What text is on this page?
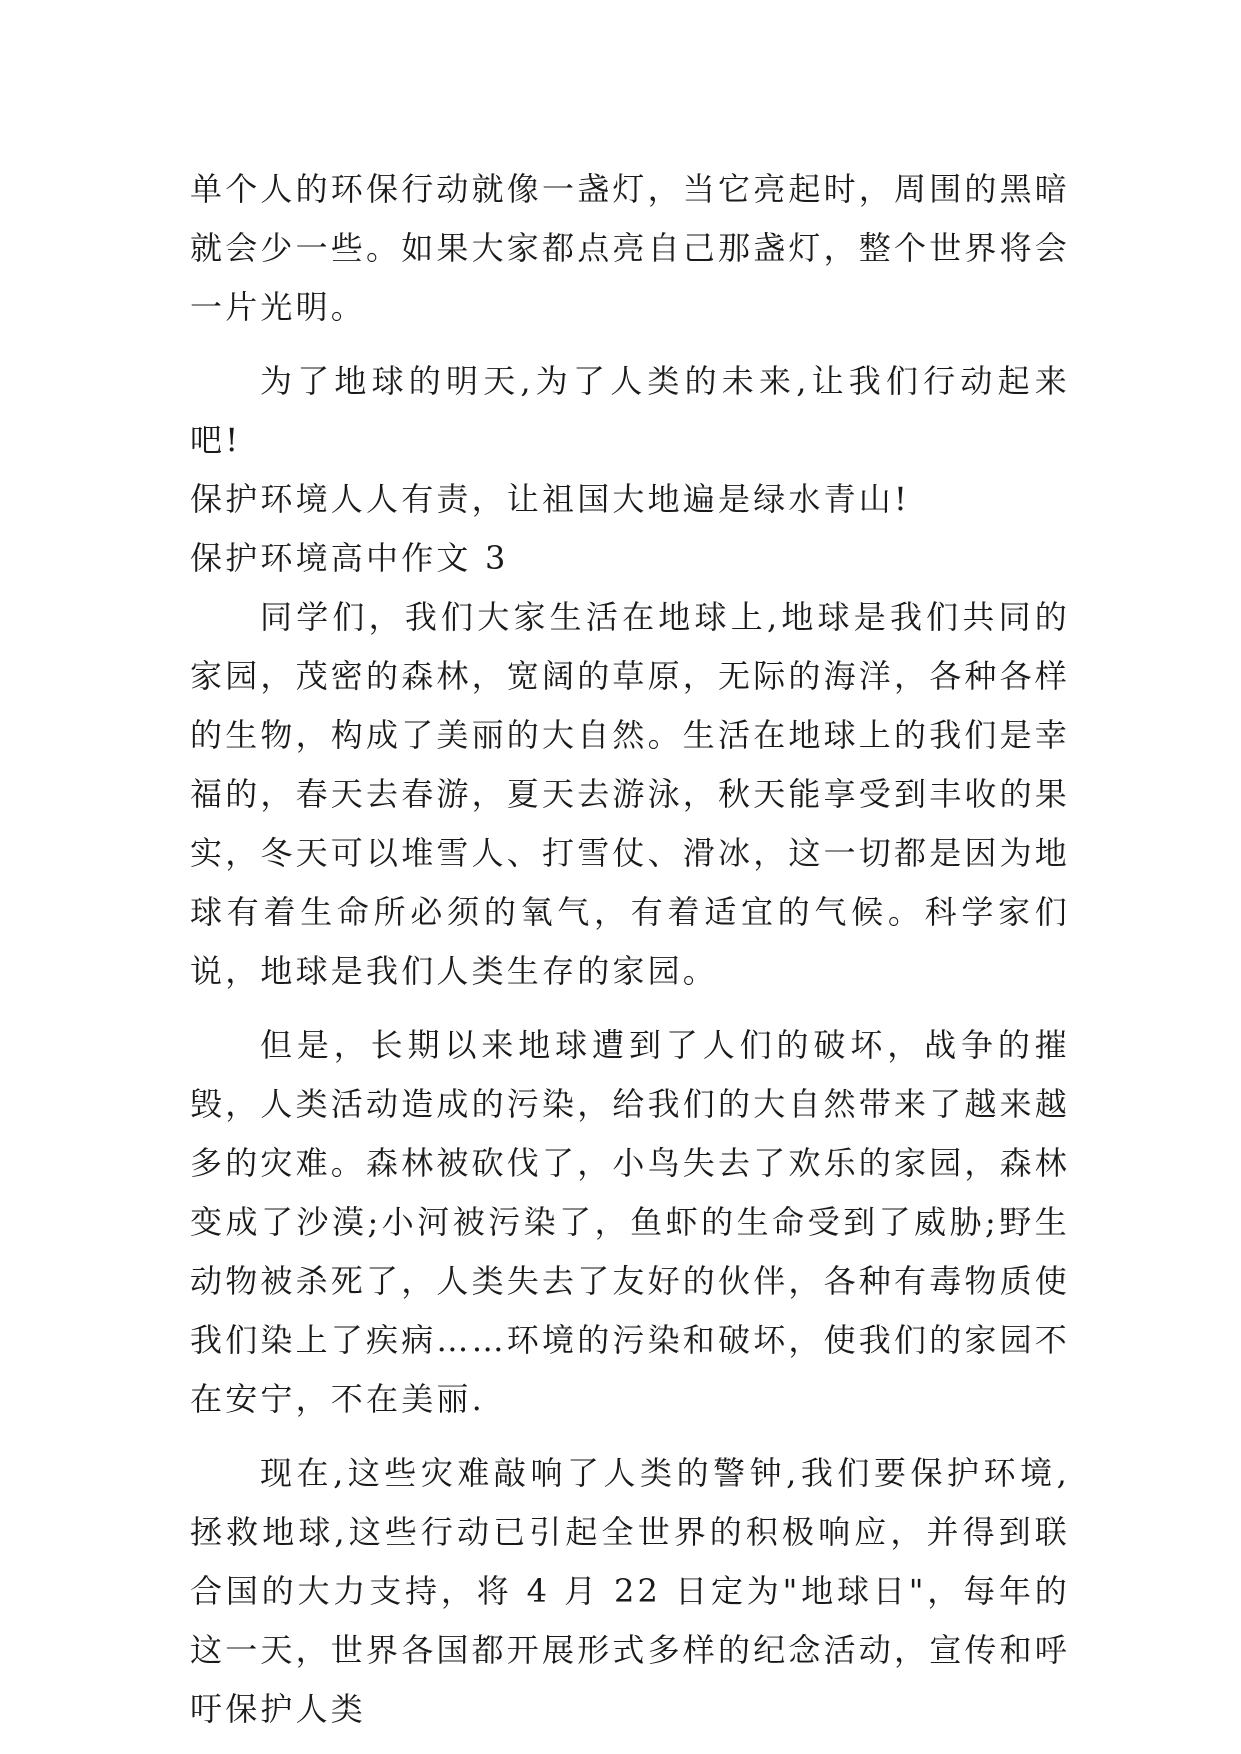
单个人的环保行动就像一盏灯，当它亮起时，周围的黑暗就会少一些。如果大家都点亮自己那盏灯，整个世界将会一片光明。

为了地球的明天,为了人类的未来,让我们行动起来吧!

保护环境人人有责，让祖国大地遍是绿水青山!

保护环境高中作文 3

同学们，我们大家生活在地球上,地球是我们共同的家园，茂密的森林，宽阔的草原，无际的海洋，各种各样的生物，构成了美丽的大自然。生活在地球上的我们是幸福的，春天去春游，夏天去游泳，秋天能享受到丰收的果实，冬天可以堆雪人、打雪仗、滑冰，这一切都是因为地球有着生命所必须的氧气，有着适宜的气候。科学家们说，地球是我们人类生存的家园。

但是，长期以来地球遭到了人们的破坏，战争的摧毁，人类活动造成的污染，给我们的大自然带来了越来越多的灾难。森林被砍伐了，小鸟失去了欢乐的家园，森林变成了沙漠;小河被污染了，鱼虾的生命受到了威胁;野生动物被杀死了，人类失去了友好的伙伴，各种有毒物质使我们染上了疾病……环境的污染和破坏，使我们的家园不在安宁，不在美丽.

现在,这些灾难敲响了人类的警钟,我们要保护环境,拯救地球,这些行动已引起全世界的积极响应，并得到联合国的大力支持，将 4 月 22 日定为"地球日"，每年的这一天，世界各国都开展形式多样的纪念活动，宣传和呼吁保护人类
